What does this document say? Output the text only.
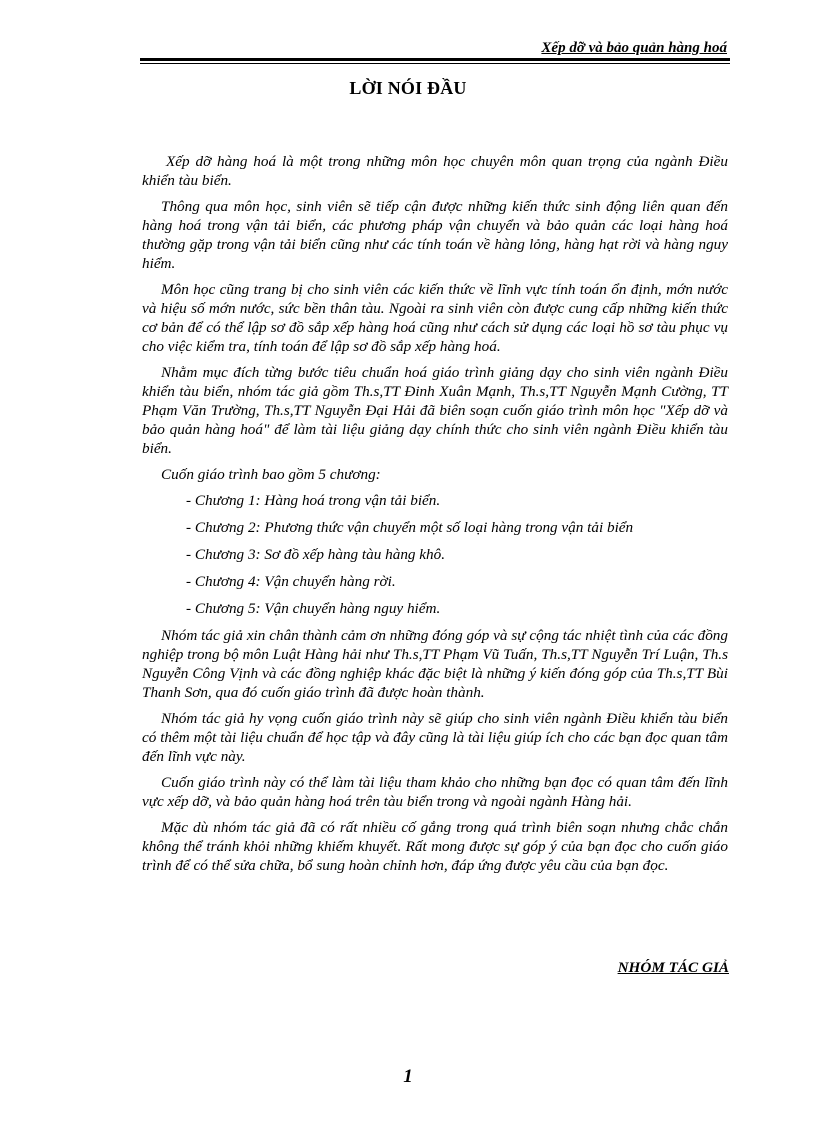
Xếp dỡ và bảo quản hàng hoá
LỜI NÓI ĐẦU

Xếp dỡ hàng hoá là một trong những môn học chuyên môn quan trọng của ngành Điều khiển tàu biển.

Thông qua môn học, sinh viên sẽ tiếp cận được những kiến thức sinh động liên quan đến hàng hoá trong vận tải biển, các phương pháp vận chuyển và bảo quản các loại hàng hoá thường gặp trong vận tải biển cũng như các tính toán về hàng lỏng, hàng hạt rời và hàng nguy hiểm.

Môn học cũng trang bị cho sinh viên các kiến thức về lĩnh vực tính toán ổn định, mớn nước và hiệu số mớn nước, sức bền thân tàu. Ngoài ra sinh viên còn được cung cấp những kiến thức cơ bản để có thể lập sơ đồ sắp xếp hàng hoá cũng như cách sử dụng các loại hồ sơ tàu phục vụ cho việc kiểm tra, tính toán để lập sơ đồ sắp xếp hàng hoá.

Nhằm mục đích từng bước tiêu chuẩn hoá giáo trình giảng dạy cho sinh viên ngành Điều khiển tàu biển, nhóm tác giả gồm Th.s,TT Đinh Xuân Mạnh, Th.s,TT Nguyễn Mạnh Cường, TT Phạm Văn Trường, Th.s,TT Nguyễn Đại Hải đã biên soạn cuốn giáo trình môn học "Xếp dỡ và bảo quản hàng hoá" để làm tài liệu giảng dạy chính thức cho sinh viên ngành Điều khiển tàu biển.

Cuốn giáo trình bao gồm 5 chương:

- Chương 1: Hàng hoá trong vận tải biển.
- Chương 2: Phương thức vận chuyển một số loại hàng trong vận tải biển
- Chương 3: Sơ đồ xếp hàng tàu hàng khô.
- Chương 4: Vận chuyển hàng rời.
- Chương 5: Vận chuyển hàng nguy hiểm.

Nhóm tác giả xin chân thành cảm ơn những đóng góp và sự cộng tác nhiệt tình của các đồng nghiệp trong bộ môn Luật Hàng hải như Th.s,TT Phạm Vũ Tuấn, Th.s,TT Nguyễn Trí Luận, Th.s Nguyễn Công Vịnh và các đồng nghiệp khác đặc biệt là những ý kiến đóng góp của Th.s,TT Bùi Thanh Sơn, qua đó cuốn giáo trình đã được hoàn thành.

Nhóm tác giả hy vọng cuốn giáo trình này sẽ giúp cho sinh viên ngành Điều khiển tàu biển có thêm một tài liệu chuẩn để học tập và đây cũng là tài liệu giúp ích cho các bạn đọc quan tâm đến lĩnh vực này.

Cuốn giáo trình này có thể làm tài liệu tham khảo cho những bạn đọc có quan tâm đến lĩnh vực xếp dỡ, và bảo quản hàng hoá trên tàu biển trong và ngoài ngành Hàng hải.

Mặc dù nhóm tác giả đã có rất nhiều cố gắng trong quá trình biên soạn nhưng chắc chắn không thể tránh khỏi những khiếm khuyết. Rất mong được sự góp ý của bạn đọc cho cuốn giáo trình để có thể sửa chữa, bổ sung hoàn chỉnh hơn, đáp ứng được yêu cầu của bạn đọc.

NHÓM TÁC GIẢ
1
